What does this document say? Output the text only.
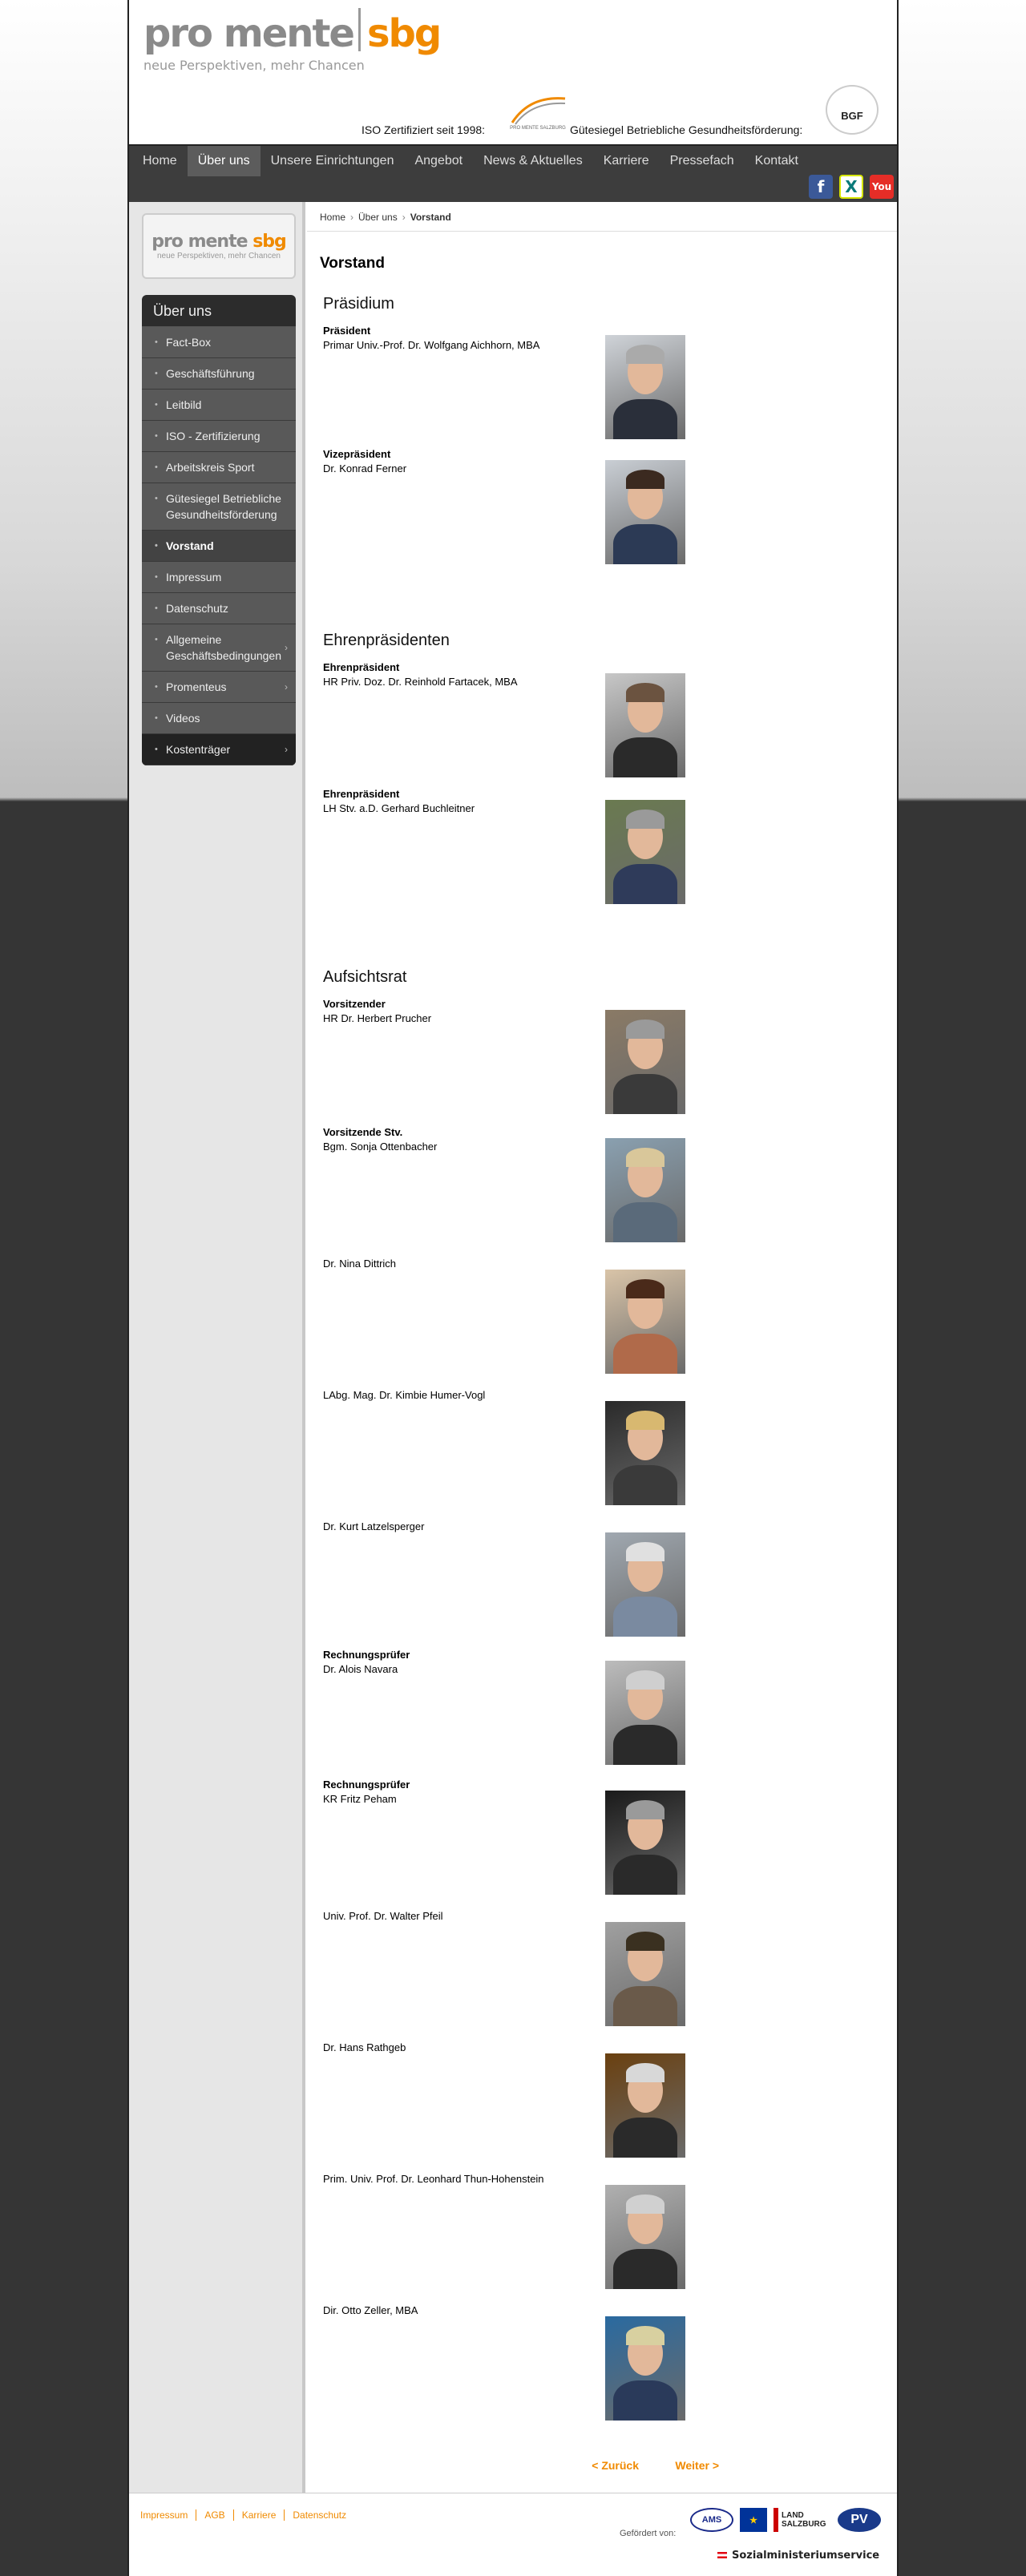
pro mente sbg
neue Perspektiven, mehr Chancen
ISO Zertifiziert seit 1998:	PRO MENTE SALZBURG Gütesiegel Betriebliche Gesundheitsförderung:
BGF
Home	Über uns	Unsere Einrichtungen	Angebot	News & Aktuelles	Karriere	Pressefach	Kontakt
f	X	You
pro mente sbg
neue Perspektiven, mehr Chancen
Über uns
• Fact-Box
• Geschäftsführung
• Leitbild
• ISO - Zertifizierung
• Arbeitskreis Sport
• Gütesiegel Betriebliche Gesundheitsförderung
• Vorstand
• Impressum
• Datenschutz
• Allgemeine Geschäftsbedingungen
›
• Promenteus	›
• Videos
• Kostenträger	›
Home › Über uns › Vorstand
Vorstand
Präsidium
Ehrenpräsidenten
Aufsichtsrat
Präsident
Primar Univ.-Prof. Dr. Wolfgang Aichhorn, MBA
Vizepräsident
Dr. Konrad Ferner
Ehrenpräsident
HR Priv. Doz. Dr. Reinhold Fartacek, MBA
Ehrenpräsident
LH Stv. a.D. Gerhard Buchleitner
Vorsitzender
HR Dr. Herbert Prucher
Vorsitzende Stv.
Bgm. Sonja Ottenbacher
Dr. Nina Dittrich
LAbg. Mag. Dr. Kimbie Humer-Vogl
Dr. Kurt Latzelsperger
Rechnungsprüfer
Dr. Alois Navara
Rechnungsprüfer
KR Fritz Peham
Univ. Prof. Dr. Walter Pfeil
Dr. Hans Rathgeb
Prim. Univ. Prof. Dr. Leonhard Thun-Hohenstein
Dir. Otto Zeller, MBA
< Zurück	Weiter >
Impressum	AGB	Karriere	Datenschutz
Gefördert von:
AMS	★	LAND SALZBURG	PV
Sozialministeriumservice
